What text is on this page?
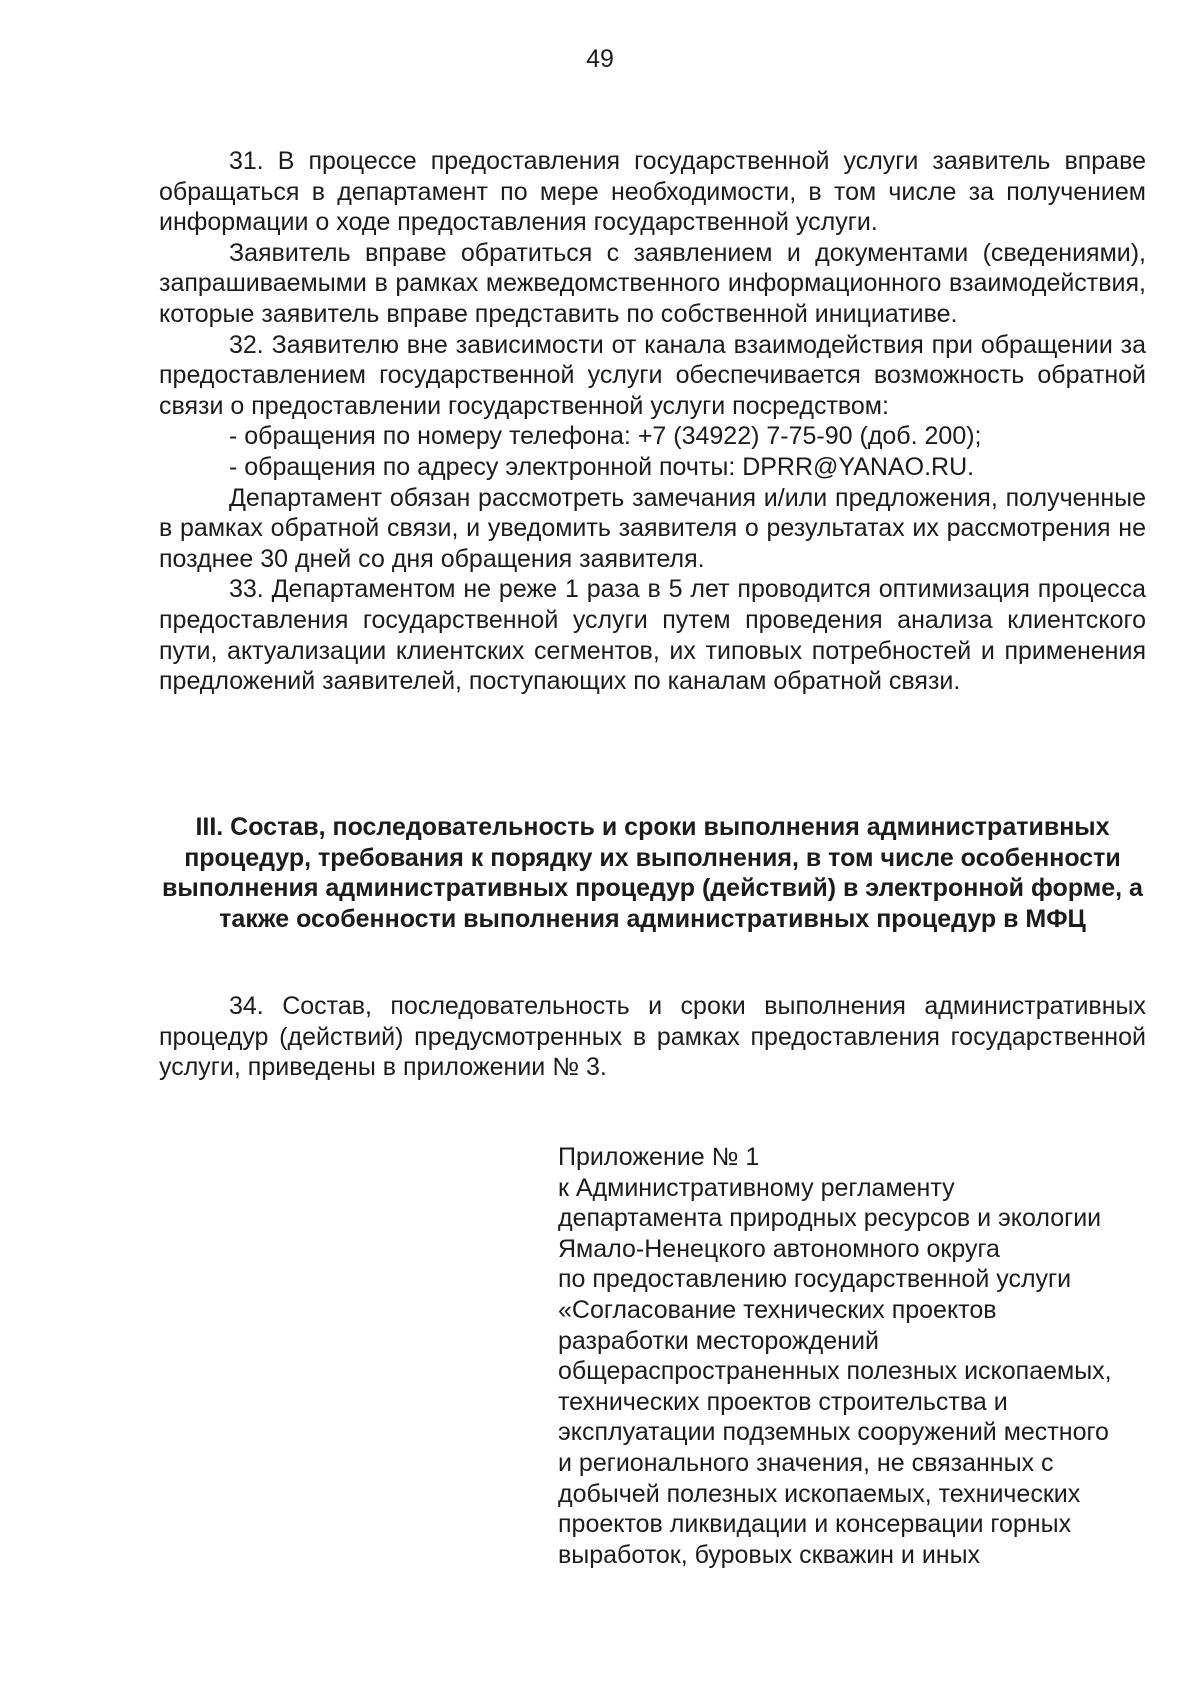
49

31. В процессе предоставления государственной услуги заявитель вправе обращаться в департамент по мере необходимости, в том числе за получением информации о ходе предоставления государственной услуги.

Заявитель вправе обратиться с заявлением и документами (сведениями), запрашиваемыми в рамках межведомственного информационного взаимодействия, которые заявитель вправе представить по собственной инициативе.

32. Заявителю вне зависимости от канала взаимодействия при обращении за предоставлением государственной услуги обеспечивается возможность обратной связи о предоставлении государственной услуги посредством:

- обращения по номеру телефона: +7 (34922) 7-75-90 (доб. 200);

- обращения по адресу электронной почты: DPRR@YANAO.RU.

Департамент обязан рассмотреть замечания и/или предложения, полученные в рамках обратной связи, и уведомить заявителя о результатах их рассмотрения не позднее 30 дней со дня обращения заявителя.

33. Департаментом не реже 1 раза в 5 лет проводится оптимизация процесса предоставления государственной услуги путем проведения анализа клиентского пути, актуализации клиентских сегментов, их типовых потребностей и применения предложений заявителей, поступающих по каналам обратной связи.

III. Состав, последовательность и сроки выполнения административных процедур, требования к порядку их выполнения, в том числе особенности выполнения административных процедур (действий) в электронной форме, а также особенности выполнения административных процедур в МФЦ

34. Состав, последовательность и сроки выполнения административных процедур (действий) предусмотренных в рамках предоставления государственной услуги, приведены в приложении № 3.

Приложение № 1
к Административному регламенту
департамента природных ресурсов и экологии
Ямало-Ненецкого автономного округа
по предоставлению государственной услуги
«Согласование технических проектов
разработки месторождений
общераспространенных полезных ископаемых,
технических проектов строительства и
эксплуатации подземных сооружений местного
и регионального значения, не связанных с
добычей полезных ископаемых, технических
проектов ликвидации и консервации горных
выработок, буровых скважин и иных
